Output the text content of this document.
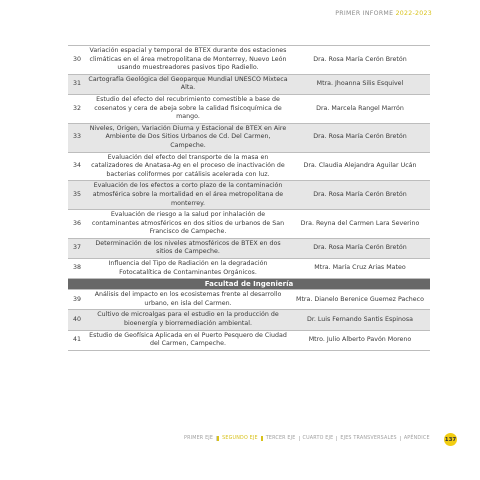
PRIMER INFORME 2022-2023
30
Variación espacial y temporal de BTEX durante dos estaciones climáticas en el área metropolitana de Monterrey, Nuevo León usando muestreadores pasivos tipo Radiello.
Dra. Rosa María Cerón Bretón
31
Cartografía Geológica del Geoparque Mundial UNESCO Mixteca Alta.
Mtra. Jhoanna Silis Esquivel
32
Estudio del efecto del recubrimiento comestible a base de cosenatos y cera de abeja sobre la calidad fisicoquímica de mango.
Dra. Marcela Rangel Marrón
33
Niveles, Origen, Variación Diurna y Estacional de BTEX en Aire Ambiente de Dos Sitios Urbanos de Cd. Del Carmen, Campeche.
Dra. Rosa María Cerón Bretón
34
Evaluación del efecto del transporte de la masa en catalizadores de Anatasa-Ag en el proceso de inactivación de bacterias coliformes por catálisis acelerada con luz.
Dra. Claudia Alejandra Aguilar Ucán
35
Evaluación de los efectos a corto plazo de la contaminación atmosférica sobre la mortalidad en el área metropolitana de monterrey.
Dra. Rosa María Cerón Bretón
36
Evaluación de riesgo a la salud por inhalación de contaminantes atmosféricos en dos sitios de urbanos de San Francisco de Campeche.
Dra. Reyna del Carmen Lara Severino
37
Determinación de los niveles atmosféricos de BTEX en dos sitios de Campeche.
Dra. Rosa María Cerón Bretón
38
Influencia del Tipo de Radiación en la degradación Fotocatalítica de Contaminantes Orgánicos.
Mtra. María Cruz Arias Mateo
Facultad de Ingeniería
39
Análisis del impacto en los ecosistemas frente al desarrollo urbano, en isla del Carmen.
Mtra. Dianelo Berenice Guemez Pacheco
40
Cultivo de microalgas para el estudio en la producción de bioenergía y biorremediación ambiental.
Dr. Luis Fernando Santis Espinosa
41
Estudio de Geofísica Aplicada en el Puerto Pesquero de Ciudad del Carmen, Campeche.
Mtro. Julio Alberto Pavón Moreno
PRIMER EJE	SEGUNDO EJE	TERCER EJE	CUARTO EJE	EJES TRANSVERSALES	APÉNDICE	137
